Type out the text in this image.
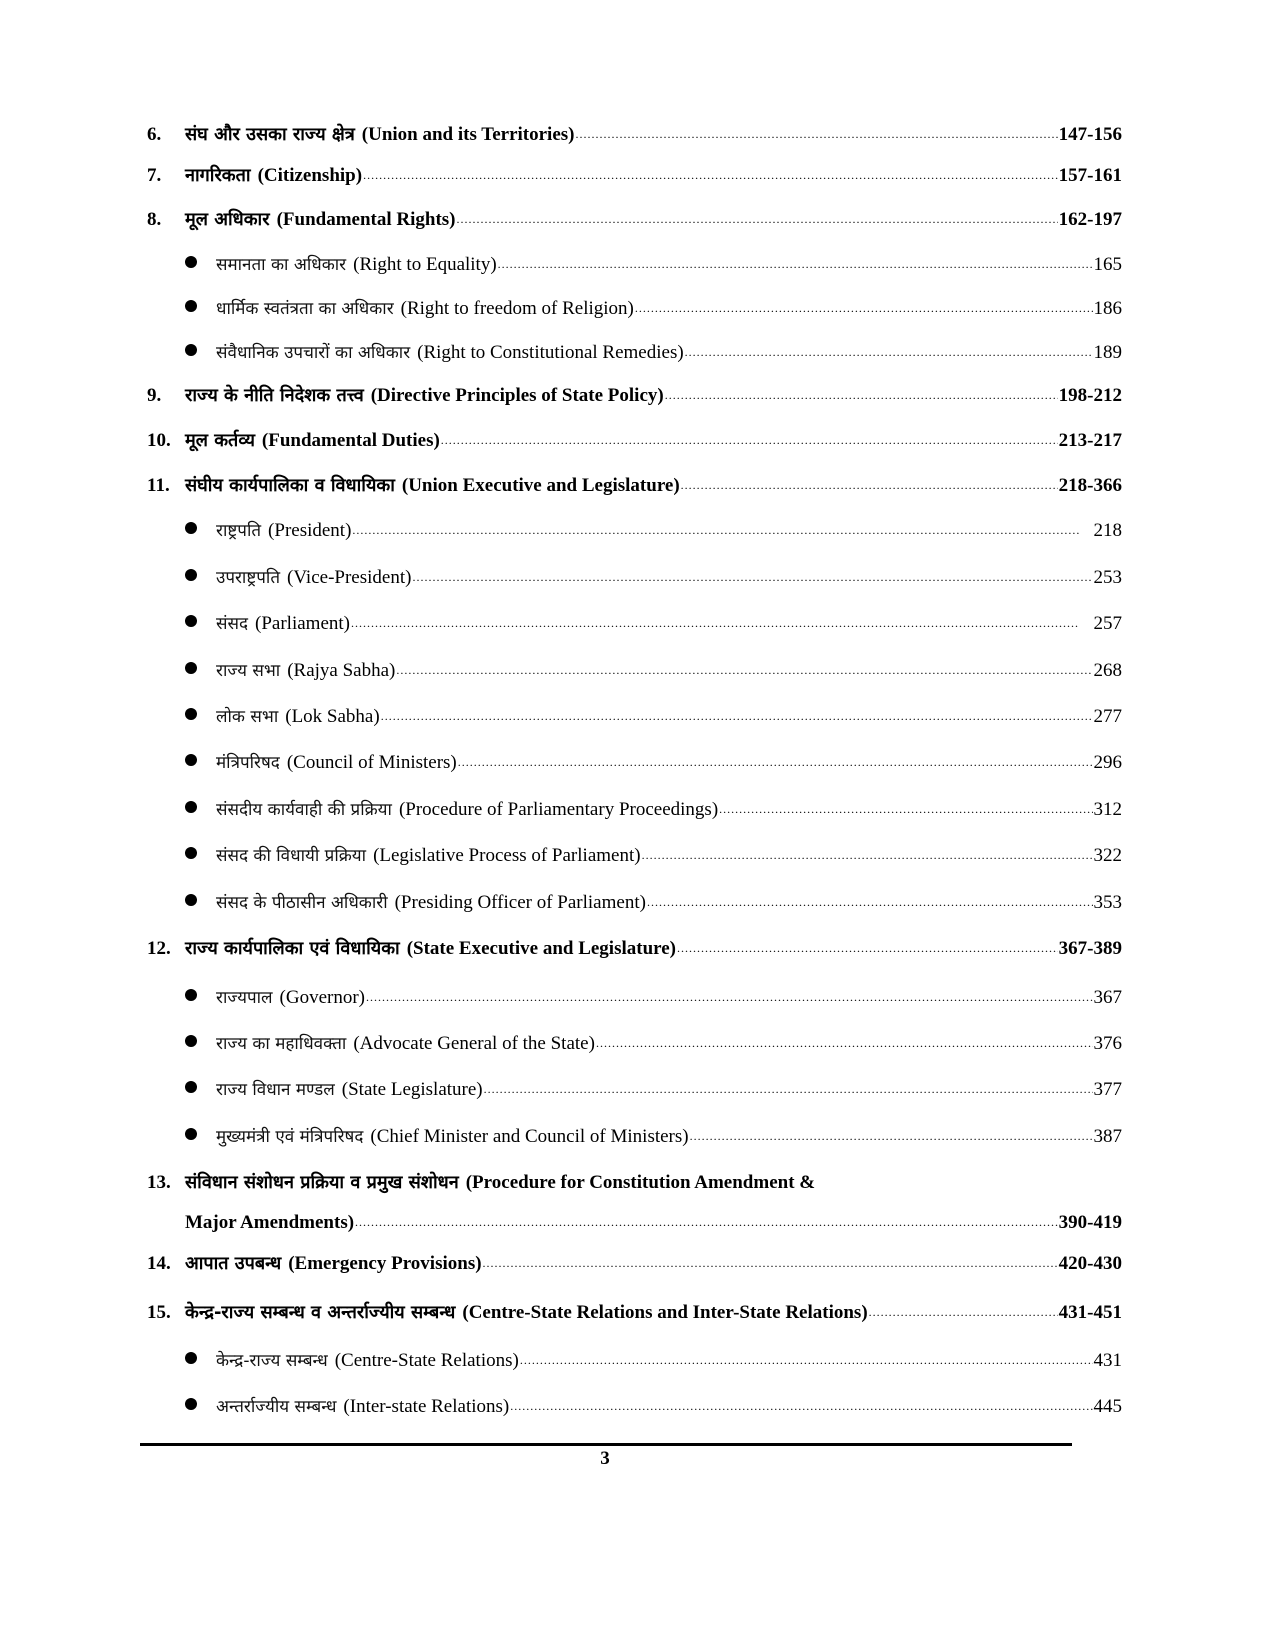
6.	संघ और उसका राज्य क्षेत्र (Union and its Territories) . . .	147-156
7.	नागरिकता (Citizenship) . . .	157-161
8.	मूल अधिकार (Fundamental Rights) . . .	162-197
समानता का अधिकार (Right to Equality) . . .	165
धार्मिक स्वतंत्रता का अधिकार (Right to freedom of Religion) . . .	186
संवैधानिक उपचारों का अधिकार (Right to Constitutional Remedies) . . .	189
9.	राज्य के नीति निदेशक तत्त्व (Directive Principles of State Policy) . . .	198-212
10. मूल कर्तव्य (Fundamental Duties) . . .	213-217
11. संघीय कार्यपालिका व विधायिका (Union Executive and Legislature) . . .	218-366
राष्ट्रपति (President) . . .	218
उपराष्ट्रपति (Vice-President) . . .	253
संसद (Parliament) . . .	257
राज्य सभा (Rajya Sabha) . . .	268
लोक सभा (Lok Sabha) . . .	277
मंत्रिपरिषद (Council of Ministers) . . .	296
संसदीय कार्यवाही की प्रक्रिया (Procedure of Parliamentary Proceedings) . . .	312
संसद की विधायी प्रक्रिया (Legislative Process of Parliament) . . .	322
संसद के पीठासीन अधिकारी (Presiding Officer of Parliament) . . .	353
12. राज्य कार्यपालिका एवं विधायिका (State Executive and Legislature) . . .	367-389
राज्यपाल (Governor) . . .	367
राज्य का महाधिवक्ता (Advocate General of the State) . . .	376
राज्य विधान मण्डल (State Legislature) . . .	377
मुख्यमंत्री एवं मंत्रिपरिषद (Chief Minister and Council of Ministers) . . .	387
13. संविधान संशोधन प्रक्रिया व प्रमुख संशोधन (Procedure for Constitution Amendment &
Major Amendments) . . .	390-419
14. आपात उपबन्ध (Emergency Provisions) . . .	420-430
15. केन्द्र-राज्य सम्बन्ध व अन्तर्राज्यीय सम्बन्ध (Centre-State Relations and Inter-State Relations) . . .	431-451
केन्द्र-राज्य सम्बन्ध (Centre-State Relations) . . .	431
अन्तर्राज्यीय सम्बन्ध (Inter-state Relations) . . .	445
3
